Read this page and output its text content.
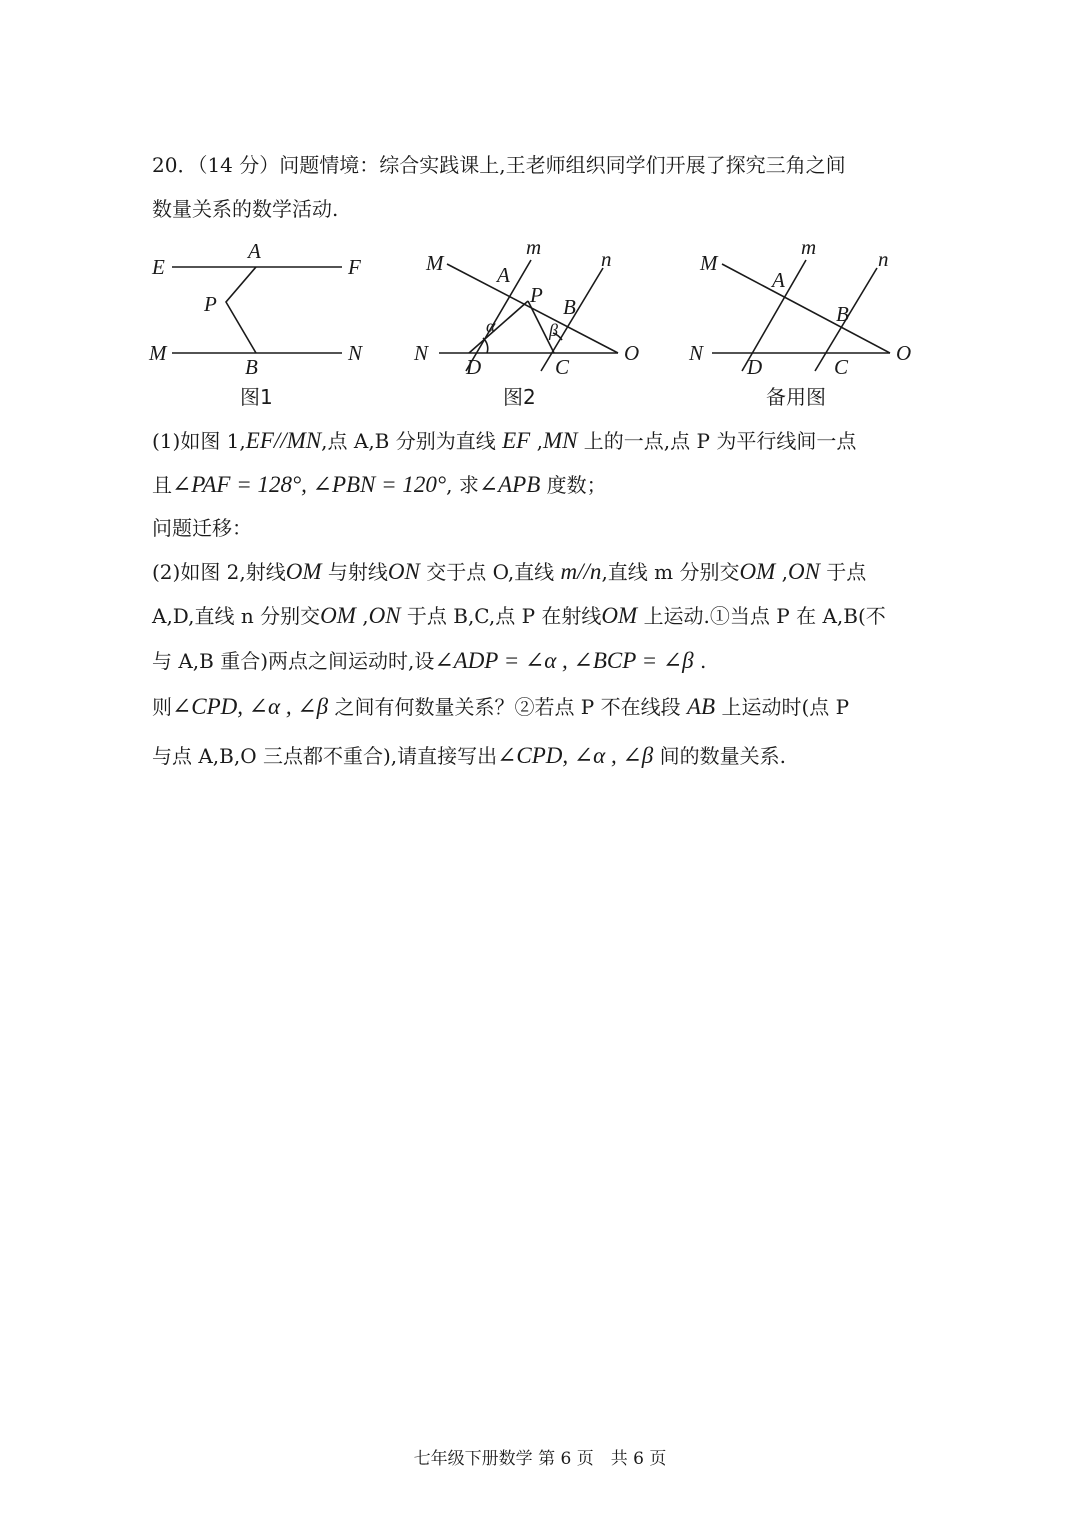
20．（14 分）问题情境：综合实践课上,王老师组织同学们开展了探究三角之间
数量关系的数学活动.
E
A
F
P
M
B
N
图1
M
m
A
P
n
B
α	β
N
D	C
O
图2
M
m
A
n
B
N
D	C
O
备用图
(1)如图 1,EF//MN,点 A,B 分别为直线 EF ,MN 上的一点,点 P 为平行线间一点
且∠PAF = 128°, ∠PBN = 120°, 求∠APB 度数；
问题迁移：
(2)如图 2,射线OM 与射线ON 交于点 O,直线 m//n,直线 m 分别交OM ,ON 于点
A,D,直线 n 分别交OM ,ON 于点 B,C,点 P 在射线OM 上运动.①当点 P 在 A,B(不
与 A,B 重合)两点之间运动时,设∠ADP = ∠α , ∠BCP = ∠β .
则∠CPD, ∠α , ∠β 之间有何数量关系？②若点 P 不在线段 AB 上运动时(点 P
与点 A,B,O 三点都不重合),请直接写出∠CPD, ∠α , ∠β 间的数量关系.
七年级下册数学 第 6 页　共 6 页
